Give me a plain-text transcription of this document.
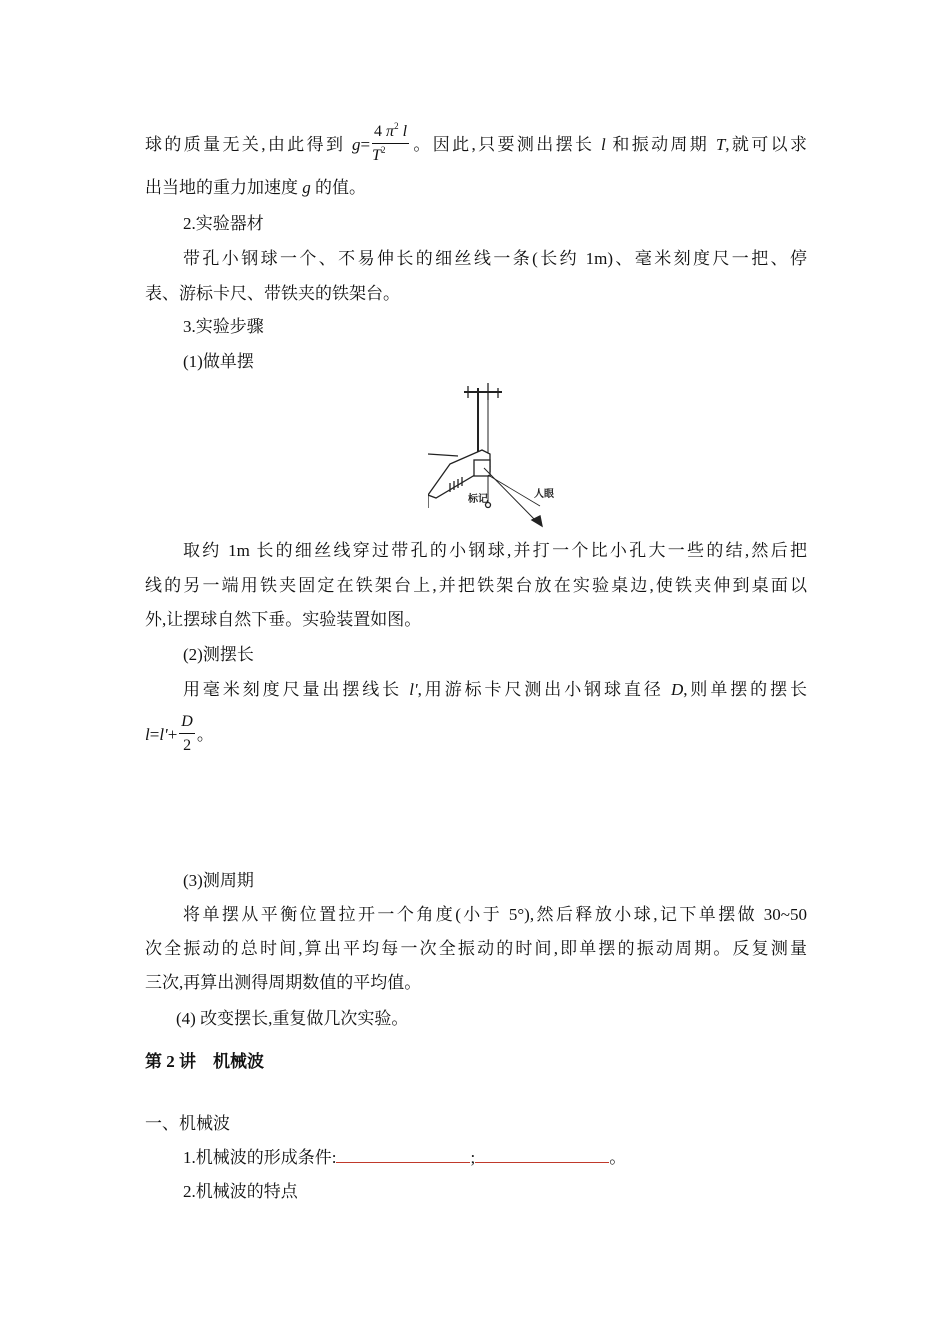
球的质量无关,由此得到 $g= \frac{4 \pi^2 l}{T^2}$ 。因此,只要测出摆长 l 和振动周期 T,就可以求
出当地的重力加速度 g 的值。
2.实验器材
带孔小钢球一个、不易伸长的细丝线一条(长约 1m)、毫米刻度尺一把、停
表、游标卡尺、带铁夹的铁架台。
3.实验步骤
(1)做单摆
标记	人眼
取约 1m 长的细丝线穿过带孔的小钢球,并打一个比小孔大一些的结,然后把
线的另一端用铁夹固定在铁架台上,并把铁架台放在实验桌边,使铁夹伸到桌面以
外,让摆球自然下垂。实验装置如图。
(2)测摆长
用毫米刻度尺量出摆线长 l',用游标卡尺测出小钢球直径 D,则单摆的摆长
$l=l'+ \frac{D}{2}$ 。
(3)测周期
将单摆从平衡位置拉开一个角度(小于 5°),然后释放小球,记下单摆做 30~50
次全振动的总时间,算出平均每一次全振动的时间,即单摆的振动周期。反复测量
三次,再算出测得周期数值的平均值。
(4) 改变摆长,重复做几次实验。
第 2 讲　机械波
一、机械波
1.机械波的形成条件:	;	。
2.机械波的特点
